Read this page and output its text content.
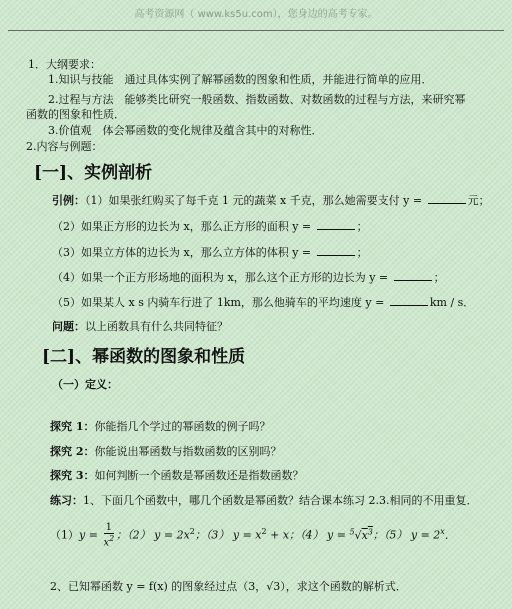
高考资源网（ www.ks5u.com），您身边的高考专家。
1．大纲要求：
1.知识与技能　通过具体实例了解幂函数的图象和性质，并能进行简单的应用．
2.过程与方法　能够类比研究一般函数、指数函数、对数函数的过程与方法，来研究幂
函数的图象和性质．
3.价值观　体会幂函数的变化规律及蕴含其中的对称性．
2.内容与例题：
[一]、实例剖析
引例：（1）如果张红购买了每千克 1 元的蔬菜 x 千克，那么她需要支付 y =	元；
（2）如果正方形的边长为 x，那么正方形的面积 y =	；
（3）如果立方体的边长为 x，那么立方体的体积 y =	；
（4）如果一个正方形场地的面积为 x，那么这个正方形的边长为 y =	；
（5）如果某人 x s 内骑车行进了 1km，那么他骑车的平均速度 y =	km / s．
问题：以上函数具有什么共同特征？
[二]、幂函数的图象和性质
（一）定义：
探究 1：你能指几个学过的幂函数的例子吗？
探究 2：你能说出幂函数与指数函数的区别吗？
探究 3：如何判断一个函数是幂函数还是指数函数？
练习：1、下面几个函数中，哪几个函数是幂函数？结合课本练习 2.3.相同的不用重复．
$(1)y = \frac{1}{x^2}$ ；（2） $y = 2x^2$；（3） $y = x^2 + x$；（4） $y = ^5√x^3$；（5） $y = 2^x$．
2、已知幂函数 y = f(x) 的图象经过点（3，√3），求这个函数的解析式．
